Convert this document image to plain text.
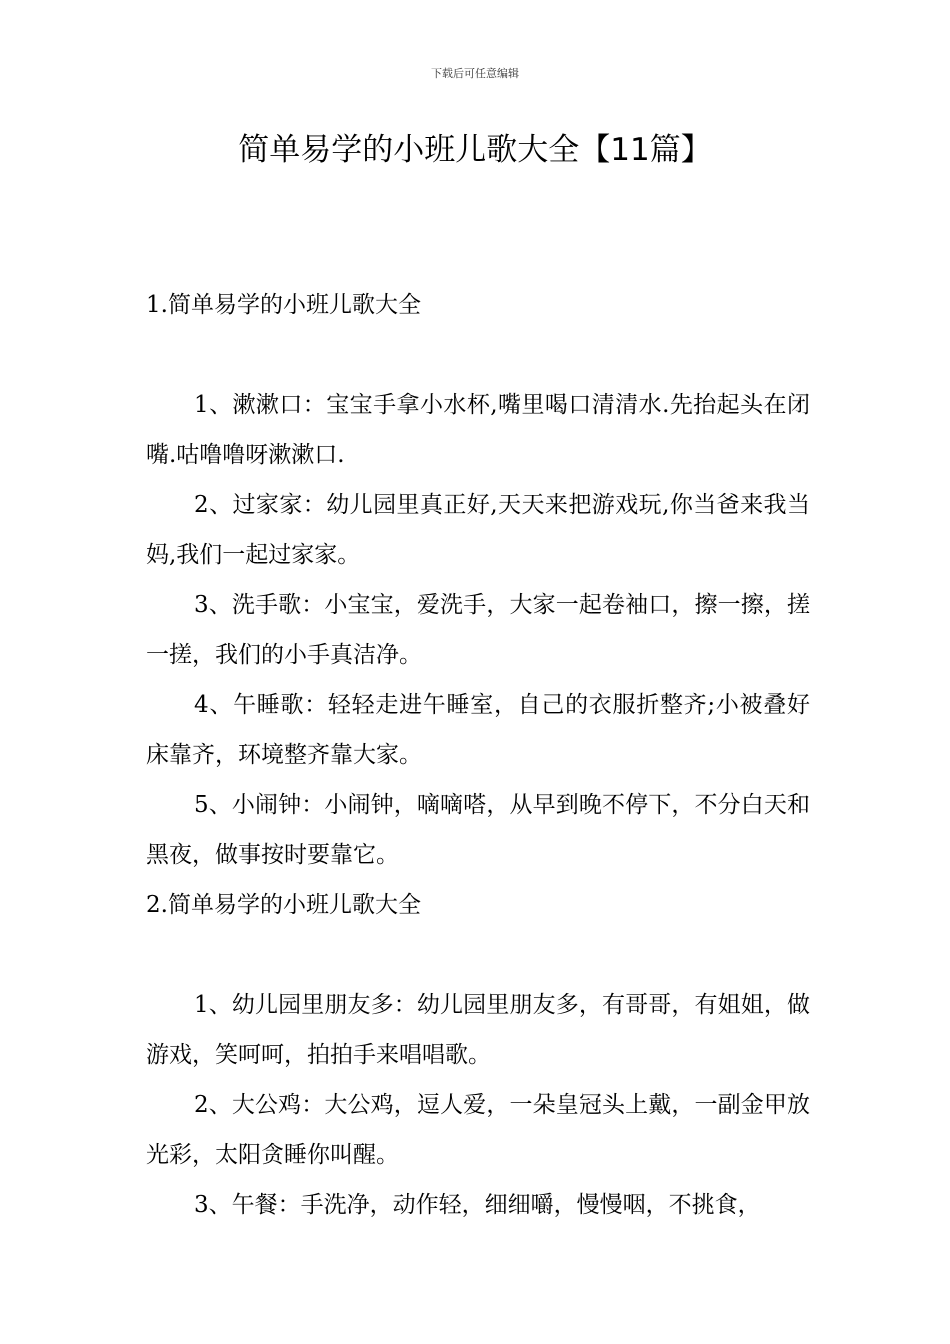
下载后可任意编辑
简单易学的小班儿歌大全【11篇】

1.简单易学的小班儿歌大全

1、漱漱口：宝宝手拿小水杯,嘴里喝口清清水.先抬起头在闭嘴.咕噜噜呀漱漱口.

2、过家家：幼儿园里真正好,天天来把游戏玩,你当爸来我当妈,我们一起过家家。

3、洗手歌：小宝宝，爱洗手，大家一起卷袖口，擦一擦，搓一搓，我们的小手真洁净。

4、午睡歌：轻轻走进午睡室，自己的衣服折整齐;小被叠好床靠齐，环境整齐靠大家。

5、小闹钟：小闹钟，嘀嘀嗒，从早到晚不停下，不分白天和黑夜，做事按时要靠它。

2.简单易学的小班儿歌大全

1、幼儿园里朋友多：幼儿园里朋友多，有哥哥，有姐姐，做游戏，笑呵呵，拍拍手来唱唱歌。

2、大公鸡：大公鸡，逗人爱，一朵皇冠头上戴，一副金甲放光彩，太阳贪睡你叫醒。

3、午餐：手洗净，动作轻，细细嚼，慢慢咽，不挑食，
